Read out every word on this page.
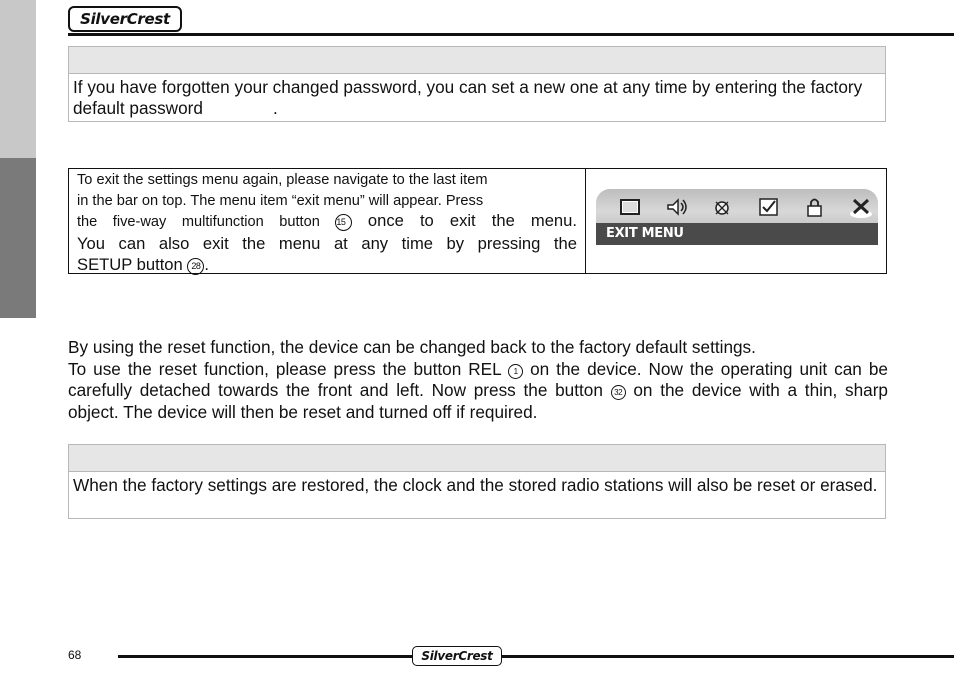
SilverCrest
If you have forgotten your changed password, you can set a new one at any time by entering the factory default password	.
To exit the settings menu again, please navigate to the last item
in the bar on top. The menu item “exit menu” will appear. Press
the five-way multifunction button 15 once to exit the menu.
You can also exit the menu at any time by pressing the
SETUP button 28 .
EXIT MENU

By using the reset function, the device can be changed back to the factory default settings.

To use the reset function, please press the button REL 1 on the device. Now the operating unit can be carefully detached towards the front and left. Now press the button 32 on the device with a thin, sharp object. The device will then be reset and turned off if required.

When the factory settings are restored, the clock and the stored radio stations will also be reset or erased.
68	SilverCrest
